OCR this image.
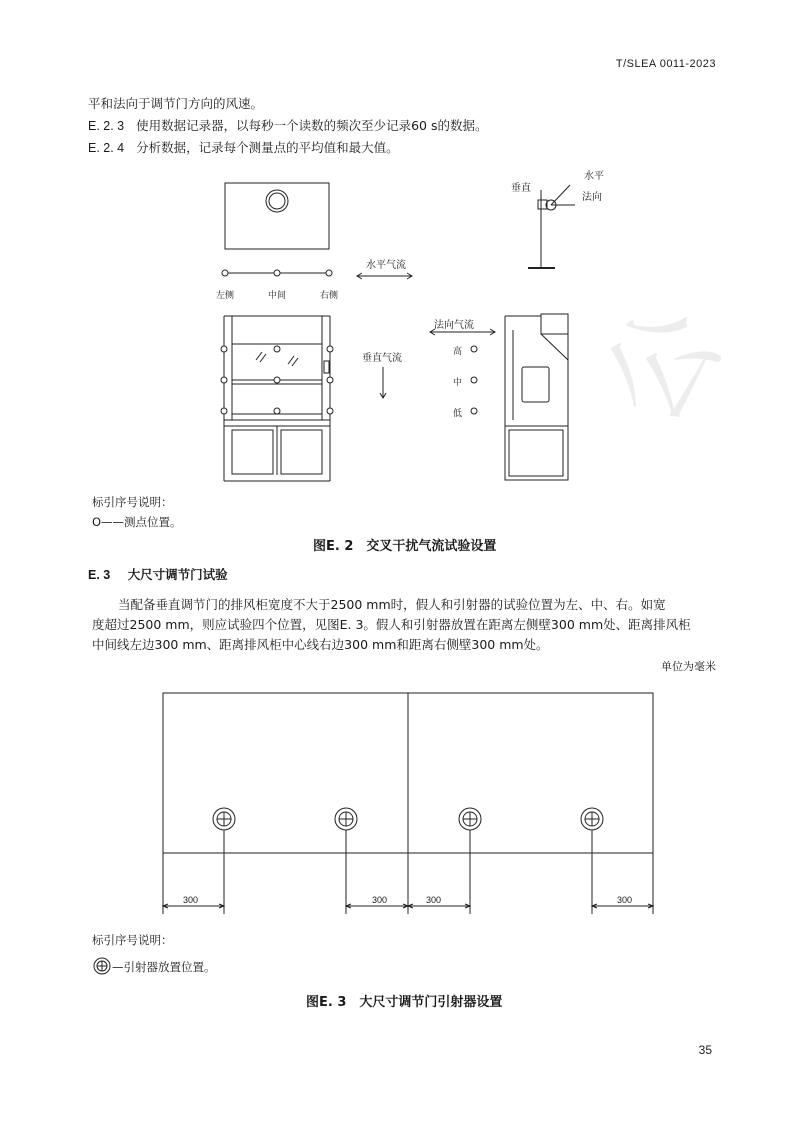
公
T/SLEA 0011-2023
平和法向于调节门方向的风速。
E. 2. 3 使用数据记录器，以每秒一个读数的频次至少记录60 s的数据。
E. 2. 4 分析数据，记录每个测量点的平均值和最大值。
左侧	中间	右侧
水平气流
垂直气流
法向气流
高
中
低
垂直
水平
法向
标引序号说明：
O——测点位置。
图E. 2　交叉干扰气流试验设置
E. 3 大尺寸调节门试验
当配备垂直调节门的排风柜宽度不大于2500 mm时，假人和引射器的试验位置为左、中、右。如宽
度超过2500 mm，则应试验四个位置，见图E. 3。假人和引射器放置在距离左侧壁300 mm处、距离排风柜
中间线左边300 mm、距离排风柜中心线右边300 mm和距离右侧壁300 mm处。
单位为毫米
300	300	300	300
标引序号说明：
—引射器放置位置。
图E. 3　大尺寸调节门引射器设置
35
